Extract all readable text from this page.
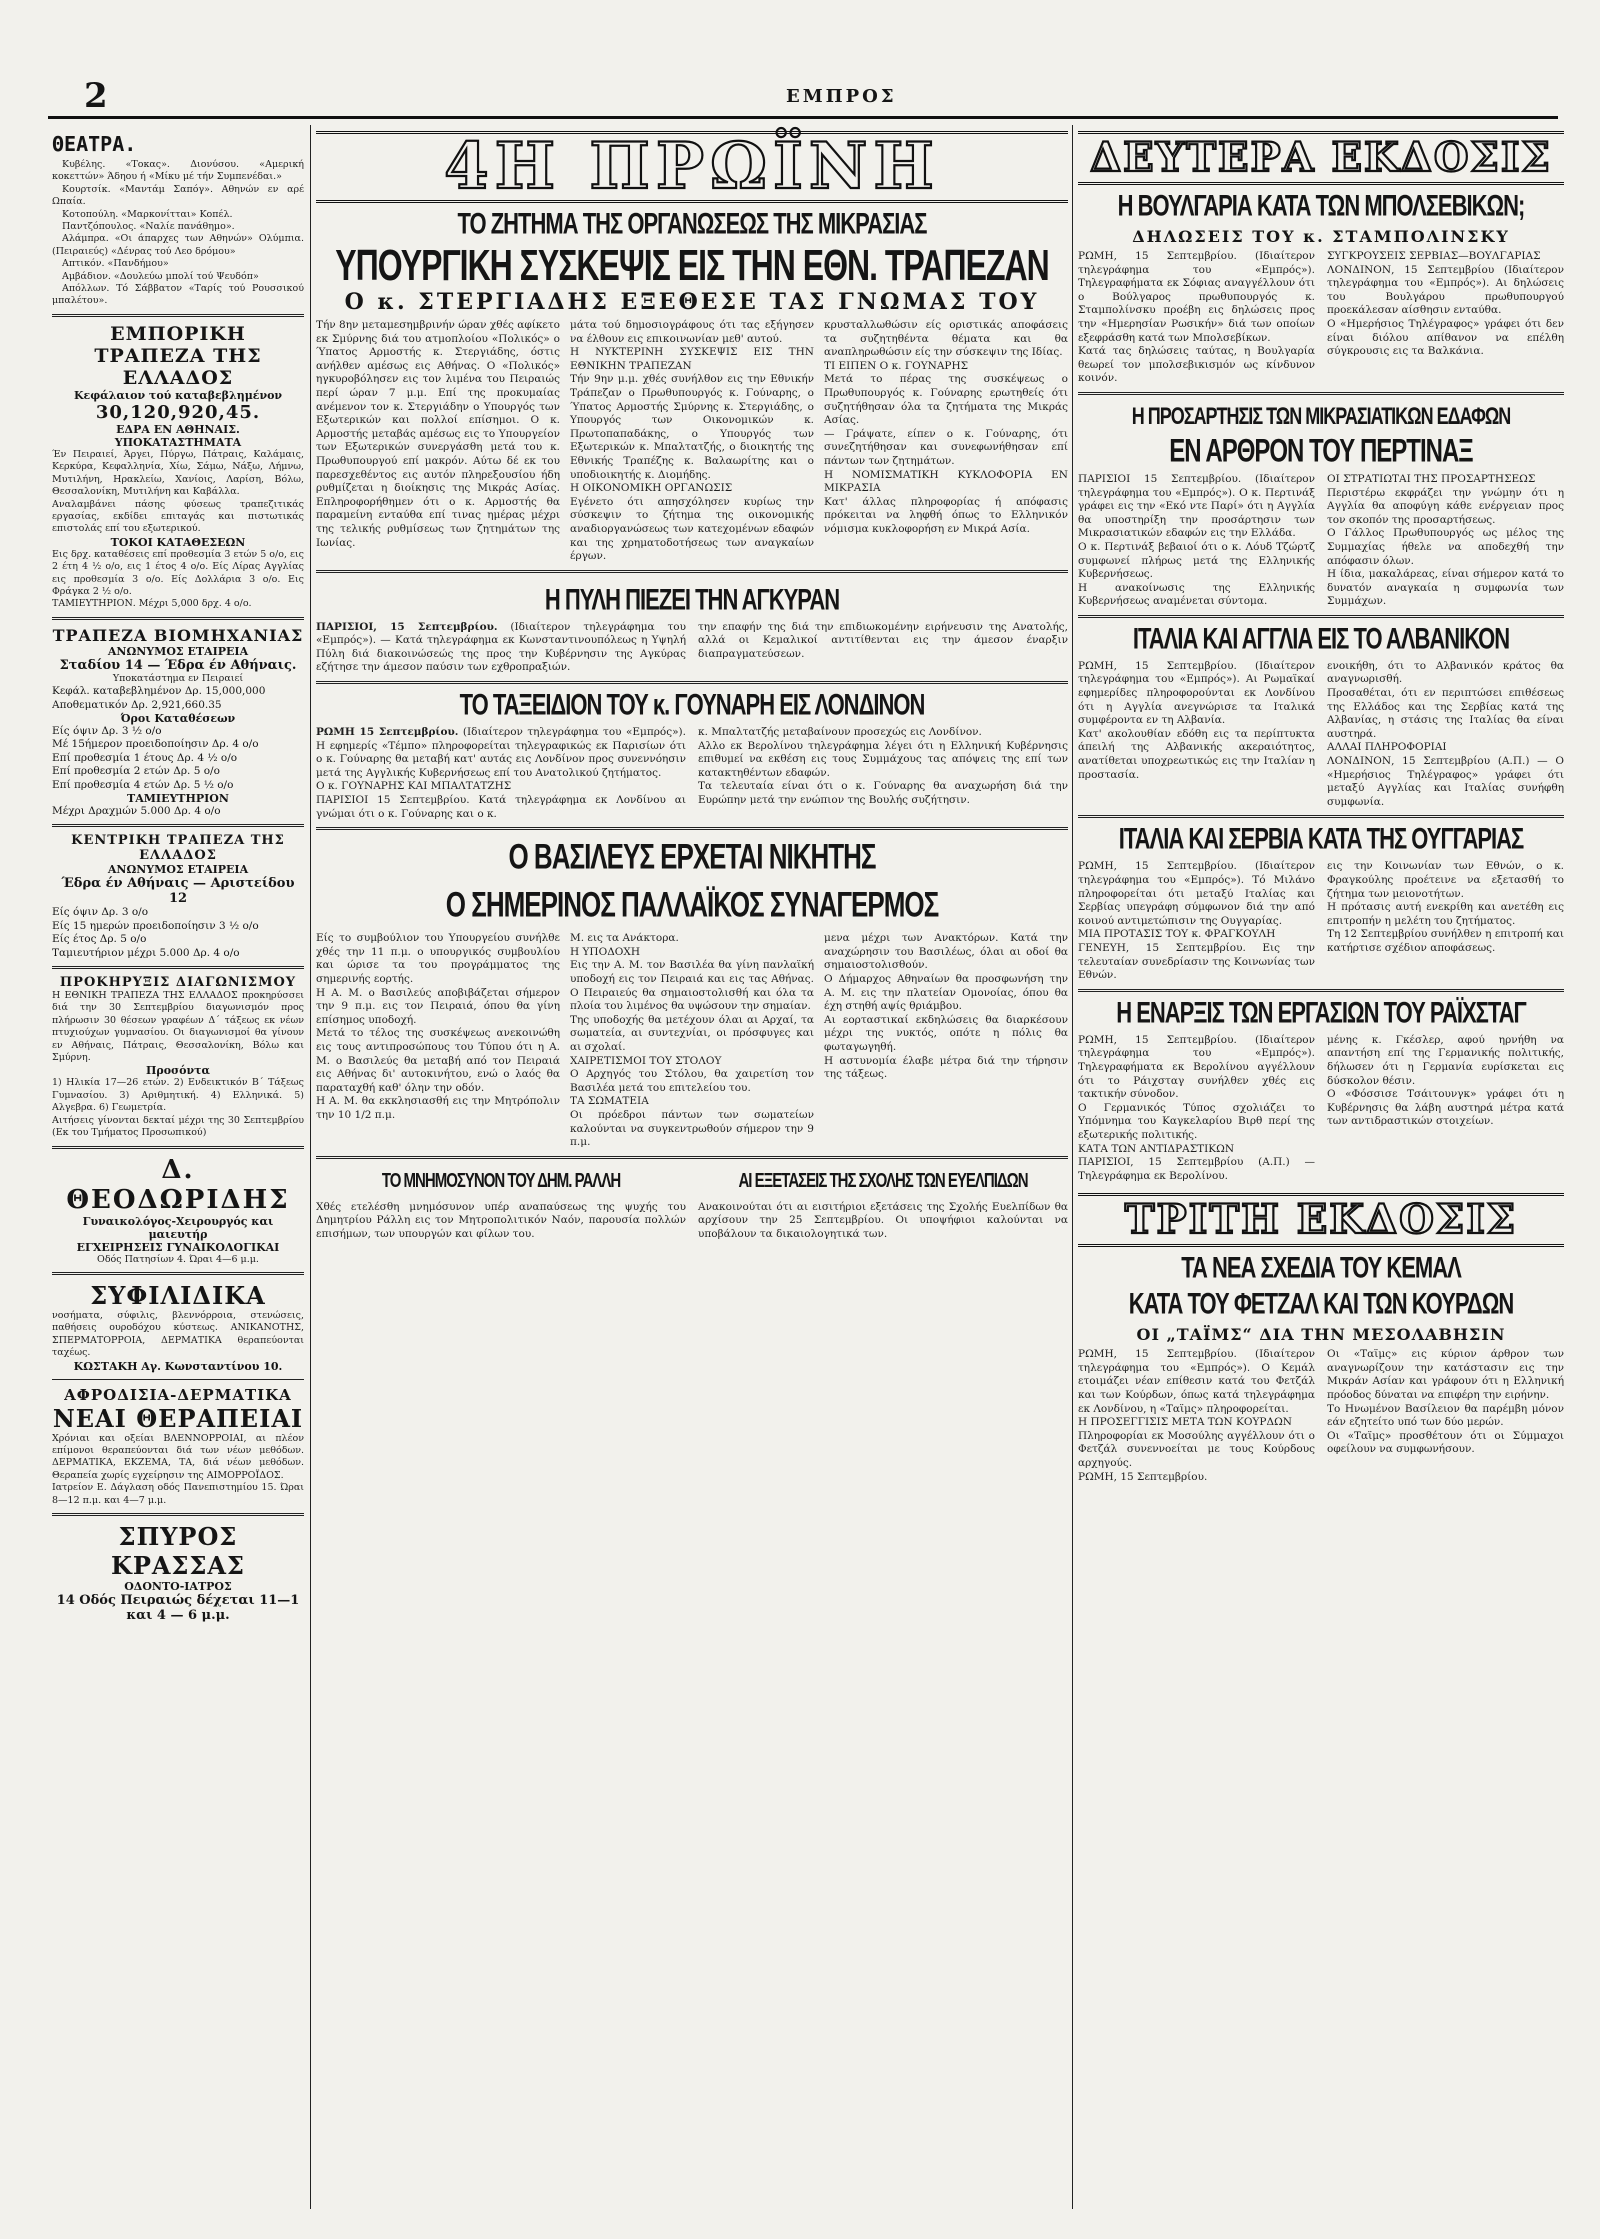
2	ΕΜΠΡΟΣ
ΘΕΑΤΡΑ.

Κυβέλης. «Τοκας». Διονύσου. «Αμερική κοκεττών» Άδηου ή «Μίκυ μέ τήν Συμπενέδαι.»

Κουρτσίκ. «Μαντάμ Σαπόγ». Αθηνών εν αρέ Ωπαία.

Κοτοπούλη. «Μαρκονίτται» Κοπέλ.

Παντζόπουλος. «Ναλίε πανάθημο».

Αλάμπρα. «Οι άπαρχες των Αθηνών» Ολύμπια. (Πειραιεύς) «Δένρας τού Λεο δρόμου»

Απτικόν. «Πανδήμου»

Αμβάδιον. «Δουλεύω μπολί τού Ψευδόπ»

Απόλλων. Τό Σάββατον «Ταρίς τού Ρουσσικού μπαλέτου».

ΕΜΠΟΡΙΚΗ ΤΡΑΠΕΖΑ ΤΗΣ ΕΛΛΑΔΟΣ
Κεφάλαιον τού καταβεβλημένον
30,120,920,45.
ΕΔΡΑ ΕΝ ΑΘΗΝΑΙΣ. ΥΠΟΚΑΤΑΣΤΗΜΑΤΑ
Έν Πειραιεί, Άργει, Πύργω, Πάτραις, Καλάμαις, Κερκύρα, Κεφαλληνία, Χίω, Σάμω, Νάξω, Λήμνω, Μυτιλήνη, Ηρακλείω, Χανίοις, Λαρίση, Βόλω, Θεσσαλονίκη, Μυτιλήνη και Καβάλλα.
Αναλαμβάνει πάσης φύσεως τραπεζιτικάς εργασίας, εκδίδει επιταγάς και πιστωτικάς επιστολάς επί του εξωτερικού.
ΤΟΚΟΙ ΚΑΤΑΘΕΣΕΩΝ
Εις δρχ. καταθέσεις επί προθεσμία 3 ετών 5 ο/ο, εις 2 έτη 4 ½ ο/ο, εις 1 έτος 4 ο/ο. Είς Λίρας Αγγλίας εις προθεσμία 3 ο/ο. Είς Δολλάρια 3 ο/ο. Εις Φράγκα 2 ½ ο/ο.
ΤΑΜΙΕΥΤΗΡΙΟΝ. Μέχρι 5,000 δρχ. 4 ο/ο.
ΤΡΑΠΕΖΑ ΒΙΟΜΗΧΑΝΙΑΣ
ΑΝΩΝΥΜΟΣ ΕΤΑΙΡΕΙΑ
Σταδίου 14 — Έδρα έν Αθήναις.
Υποκατάστημα εν Πειραιεί
Κεφάλ. καταβεβλημένον Δρ. 15,000,000
Αποθεματικόν Δρ. 2,921,660.35
Όροι Καταθέσεων
Είς όψιν Δρ. 3 ½ ο/ο
Μέ 15ήμερον προειδοποίησιν Δρ. 4 ο/ο
Επί προθεσμία 1 έτους Δρ. 4 ½ ο/ο
Επί προθεσμία 2 ετών Δρ. 5 ο/ο
Επί προθεσμία 4 ετών Δρ. 5 ½ ο/ο
ΤΑΜΙΕΥΤΗΡΙΟΝ
Μέχρι Δραχμών 5.000 Δρ. 4 ο/ο
ΚΕΝΤΡΙΚΗ ΤΡΑΠΕΖΑ ΤΗΣ ΕΛΛΑΔΟΣ
ΑΝΩΝΥΜΟΣ ΕΤΑΙΡΕΙΑ
Έδρα έν Αθήναις — Αριστείδου 12
Είς όψιν Δρ. 3 ο/ο
Είς 15 ημερών προειδοποίησιν 3 ½ ο/ο
Είς έτος Δρ. 5 ο/ο
Ταμιευτήριον μέχρι 5.000 Δρ. 4 ο/ο
ΠΡΟΚΗΡΥΞΙΣ ΔΙΑΓΩΝΙΣΜΟΥ
Η ΕΘΝΙΚΗ ΤΡΑΠΕΖΑ ΤΗΣ ΕΛΛΑΔΟΣ προκηρύσσει διά την 30 Σεπτεμβρίου διαγωνισμόν προς πλήρωσιν 30 θέσεων γραφέων Δ΄ τάξεως εκ νέων πτυχιούχων γυμνασίου. Οι διαγωνισμοί θα γίνουν εν Αθήναις, Πάτραις, Θεσσαλονίκη, Βόλω και Σμύρνη.
Προσόντα
1) Ηλικία 17—26 ετών. 2) Ενδεικτικόν Β΄ Τάξεως Γυμνασίου. 3) Αριθμητική. 4) Ελληνικά. 5) Αλγεβρα. 6) Γεωμετρία.
Αιτήσεις γίνονται δεκταί μέχρι της 30 Σεπτεμβρίου (Εκ του Τμήματος Προσωπικού)
Δ. ΘΕΟΔΩΡΙΔΗΣ
Γυναικολόγος-Χειρουργός και μαιευτήρ
ΕΓΧΕΙΡΗΣΕΙΣ ΓΥΝΑΙΚΟΛΟΓΙΚΑΙ
Οδός Πατησίων 4. Ώραι 4—6 μ.μ.
ΣΥΦΙΛΙΔΙΚΑ
νοσήματα, σύφιλις, βλεννόρροια, στενώσεις, παθήσεις ουροδόχου κύστεως. ΑΝΙΚΑΝΟΤΗΣ, ΣΠΕΡΜΑΤΟΡΡΟΙΑ, ΔΕΡΜΑΤΙΚΑ θεραπεύονται ταχέως.
ΚΩΣΤΑΚΗ Αγ. Κωνσταντίνου 10.
ΑΦΡΟΔΙΣΙΑ-ΔΕΡΜΑΤΙΚΑ
ΝΕΑΙ ΘΕΡΑΠΕΙΑΙ
Χρόνιαι και οξείαι ΒΛΕΝΝΟΡΡΟΙΑΙ, αι πλέον επίμονοι θεραπεύονται διά των νέων μεθόδων. ΔΕΡΜΑΤΙΚΑ, ΕΚΖΕΜΑ, ΤΑ, διά νέων μεθόδων. Θεραπεία χωρίς εγχείρησιν της ΑΙΜΟΡΡΟΪΔΟΣ.
Ιατρείον Ε. Δάγλαση οδός Πανεπιστημίου 15. Ώραι 8—12 π.μ. και 4—7 μ.μ.
ΣΠΥΡΟΣ ΚΡΑΣΣΑΣ
ΟΔΟΝΤΟ-ΙΑΤΡΟΣ
14 Οδός Πειραιώς δέχεται 11—1 και 4 — 6 μ.μ.
4Η ΠΡΩΪΝΗ
ΤΟ ΖΗΤΗΜΑ ΤΗΣ ΟΡΓΑΝΩΣΕΩΣ ΤΗΣ ΜΙΚΡΑΣΙΑΣ
ΥΠΟΥΡΓΙΚΗ ΣΥΣΚΕΨΙΣ ΕΙΣ ΤΗΝ ΕΘΝ. ΤΡΑΠΕΖΑΝ
Ο κ. ΣΤΕΡΓΙΑΔΗΣ ΕΞΕΘΕΣΕ ΤΑΣ ΓΝΩΜΑΣ ΤΟΥ
Τήν 8ην μεταμεσημβρινήν ώραν χθές αφίκετο εκ Σμύρνης διά του ατμοπλοίου «Πολικός» ο Ύπατος Αρμοστής κ. Στεργιάδης, όστις ανήλθεν αμέσως εις Αθήνας. Ο «Πολικός» ηγκυροβόλησεν εις τον λιμένα του Πειραιώς περί ώραν 7 μ.μ. Επί της προκυμαίας ανέμενον τον κ. Στεργιάδην ο Υπουργός των Εξωτερικών και πολλοί επίσημοι. Ο κ. Αρμοστής μεταβάς αμέσως εις το Υπουργείον των Εξωτερικών συνεργάσθη μετά του κ. Πρωθυπουργού επί μακρόν. Αύτω δέ εκ του παρεσχεθέντος εις αυτόν πληρεξουσίου ήδη ρυθμίζεται η διοίκησις της Μικράς Ασίας. Επληροφορήθημεν ότι ο κ. Αρμοστής θα παραμείνη ενταύθα επί τινας ημέρας μέχρι της τελικής ρυθμίσεως των ζητημάτων της Ιωνίας.
μάτα τού δημοσιογράφους ότι τας εξήγησεν να έλθουν εις επικοινωνίαν μεθ' αυτού.
Η ΝΥΚΤΕΡΙΝΗ ΣΥΣΚΕΨΙΣ ΕΙΣ ΤΗΝ ΕΘΝΙΚΗΝ ΤΡΑΠΕΖΑΝ
Τήν 9ην μ.μ. χθές συνήλθον εις την Εθνικήν Τράπεζαν ο Πρωθυπουργός κ. Γούναρης, ο Ύπατος Αρμοστής Σμύρνης κ. Στεργιάδης, ο Υπουργός των Οικονομικών κ. Πρωτοπαπαδάκης, ο Υπουργός των Εξωτερικών κ. Μπαλτατζής, ο διοικητής της Εθνικής Τραπέζης κ. Βαλαωρίτης και ο υποδιοικητής κ. Διομήδης.
Η ΟΙΚΟΝΟΜΙΚΗ ΟΡΓΑΝΩΣΙΣ
Εγένετο ότι απησχόλησεν κυρίως την σύσκεψιν το ζήτημα της οικονομικής αναδιοργανώσεως των κατεχομένων εδαφών και της χρηματοδοτήσεως των αναγκαίων έργων.
κρυσταλλωθώσιν είς οριστικάς αποφάσεις τα συζητηθέντα θέματα και θα αναπληρωθώσιν είς την σύσκεψιν της Ιδίας.
ΤΙ ΕΙΠΕΝ Ο κ. ΓΟΥΝΑΡΗΣ
Μετά το πέρας της συσκέψεως ο Πρωθυπουργός κ. Γούναρης ερωτηθείς ότι συζητήθησαν όλα τα ζητήματα της Μικράς Ασίας.
— Γράψατε, είπεν ο κ. Γούναρης, ότι συνεζητήθησαν και συνεφωνήθησαν επί πάντων των ζητημάτων.
Η ΝΟΜΙΣΜΑΤΙΚΗ ΚΥΚΛΟΦΟΡΙΑ ΕΝ ΜΙΚΡΑΣΙΑ
Κατ' άλλας πληροφορίας ή απόφασις πρόκειται να ληφθή όπως το Ελληνικόν νόμισμα κυκλοφορήση εν Μικρά Ασία.
Η ΠΥΛΗ ΠΙΕΖΕΙ ΤΗΝ ΑΓΚΥΡΑΝ
ΠΑΡΙΣΙΟΙ, 15 Σεπτεμβρίου. (Ιδιαίτερον τηλεγράφημα του «Εμπρός»). — Κατά τηλεγράφημα εκ Κωνσταντινουπόλεως η Υψηλή Πύλη διά διακοινώσεώς της προς την Κυβέρνησιν της Αγκύρας εζήτησε την άμεσον παύσιν των εχθροπραξιών.
την επαφήν της διά την επιδιωκομένην ειρήνευσιν της Ανατολής, αλλά οι Κεμαλικοί αντιτίθενται εις την άμεσον έναρξιν διαπραγματεύσεων.
ΤΟ ΤΑΞΕΙΔΙΟΝ ΤΟΥ κ. ΓΟΥΝΑΡΗ ΕΙΣ ΛΟΝΔΙΝΟΝ
ΡΩΜΗ 15 Σεπτεμβρίου. (Ιδιαίτερον τηλεγράφημα του «Εμπρός»). Η εφημερίς «Τέμπο» πληροφορείται τηλεγραφικώς εκ Παρισίων ότι ο κ. Γούναρης θα μεταβή κατ' αυτάς εις Λονδίνον προς συνεννόησιν μετά της Αγγλικής Κυβερνήσεως επί του Ανατολικού ζητήματος.
Ο κ. ΓΟΥΝΑΡΗΣ ΚΑΙ ΜΠΑΛΤΑΤΖΗΣ
ΠΑΡΙΣΙΟΙ 15 Σεπτεμβρίου. Κατά τηλεγράφημα εκ Λονδίνου αι γνώμαι ότι ο κ. Γούναρης και ο κ.
κ. Μπαλτατζής μεταβαίνουν προσεχώς εις Λονδίνον.
Αλλο εκ Βερολίνου τηλεγράφημα λέγει ότι η Ελληνική Κυβέρνησις επιθυμεί να εκθέση εις τους Συμμάχους τας απόψεις της επί των κατακτηθέντων εδαφών.
Τα τελευταία είναι ότι ο κ. Γούναρης θα αναχωρήση διά την Ευρώπην μετά την ενώπιον της Βουλής συζήτησιν.
Ο ΒΑΣΙΛΕΥΣ ΕΡΧΕΤΑΙ ΝΙΚΗΤΗΣ
Ο ΣΗΜΕΡΙΝΟΣ ΠΑΛΛΑΪΚΟΣ ΣΥΝΑΓΕΡΜΟΣ
Είς το συμβούλιον του Υπουργείου συνήλθε χθές την 11 π.μ. ο υπουργικός συμβουλίου και ώρισε τα του προγράμματος της σημερινής εορτής.
Η Α. Μ. ο Βασιλεύς αποβιβάζεται σήμερον την 9 π.μ. εις τον Πειραιά, όπου θα γίνη επίσημος υποδοχή.
Μετά το τέλος της συσκέψεως ανεκοινώθη εις τους αντιπροσώπους του Τύπου ότι η Α. Μ. ο Βασιλεύς θα μεταβή από τον Πειραιά εις Αθήνας δι' αυτοκινήτου, ενώ ο λαός θα παραταχθή καθ' όλην την οδόν.
Η Α. Μ. θα εκκλησιασθή εις την Μητρόπολιν την 10 1/2 π.μ.
Μ. εις τα Ανάκτορα.
Η ΥΠΟΔΟΧΗ
Εις την Α. Μ. τον Βασιλέα θα γίνη πανλαϊκή υποδοχή εις τον Πειραιά και εις τας Αθήνας. Ο Πειραιεύς θα σημαιοστολισθή και όλα τα πλοία του λιμένος θα υψώσουν την σημαίαν.
Της υποδοχής θα μετέχουν όλαι αι Αρχαί, τα σωματεία, αι συντεχνίαι, οι πρόσφυγες και αι σχολαί.
ΧΑΙΡΕΤΙΣΜΟΙ ΤΟΥ ΣΤΟΛΟΥ
Ο Αρχηγός του Στόλου, θα χαιρετίση τον Βασιλέα μετά του επιτελείου του.
ΤΑ ΣΩΜΑΤΕΙΑ
Οι πρόεδροι πάντων των σωματείων καλούνται να συγκεντρωθούν σήμερον την 9 π.μ.
μενα μέχρι των Ανακτόρων. Κατά την αναχώρησιν του Βασιλέως, όλαι αι οδοί θα σημαιοστολισθούν.
Ο Δήμαρχος Αθηναίων θα προσφωνήση την Α. Μ. εις την πλατείαν Ομονοίας, όπου θα έχη στηθή αψίς θριάμβου.
Αι εορταστικαί εκδηλώσεις θα διαρκέσουν μέχρι της νυκτός, οπότε η πόλις θα φωταγωγηθή.
Η αστυνομία έλαβε μέτρα διά την τήρησιν της τάξεως.
ΤΟ ΜΝΗΜΟΣΥΝΟΝ ΤΟΥ ΔΗΜ. ΡΑΛΛΗ
Χθές ετελέσθη μνημόσυνον υπέρ αναπαύσεως της ψυχής του Δημητρίου Ράλλη εις τον Μητροπολιτικόν Ναόν, παρουσία πολλών επισήμων, των υπουργών και φίλων του.
ΑΙ ΕΞΕΤΑΣΕΙΣ ΤΗΣ ΣΧΟΛΗΣ ΤΩΝ ΕΥΕΛΠΙΔΩΝ
Ανακοινούται ότι αι εισιτήριοι εξετάσεις της Σχολής Ευελπίδων θα αρχίσουν την 25 Σεπτεμβρίου. Οι υποψήφιοι καλούνται να υποβάλουν τα δικαιολογητικά των.
ΔΕΥΤΕΡΑ ΕΚΔΟΣΙΣ
Η ΒΟΥΛΓΑΡΙΑ ΚΑΤΑ ΤΩΝ ΜΠΟΛΣΕΒΙΚΩΝ;
ΔΗΛΩΣΕΙΣ ΤΟΥ κ. ΣΤΑΜΠΟΛΙΝΣΚΥ
ΡΩΜΗ, 15 Σεπτεμβρίου. (Ιδιαίτερον τηλεγράφημα του «Εμπρός»). Τηλεγραφήματα εκ Σόφιας αναγγέλλουν ότι ο Βούλγαρος πρωθυπουργός κ. Σταμπολίνσκυ προέβη εις δηλώσεις προς την «Ημερησίαν Ρωσικήν» διά των οποίων εξεφράσθη κατά των Μπολσεβίκων.
Κατά τας δηλώσεις ταύτας, η Βουλγαρία θεωρεί τον μπολσεβικισμόν ως κίνδυνον κοινόν.
ΣΥΓΚΡΟΥΣΕΙΣ ΣΕΡΒΙΑΣ—ΒΟΥΛΓΑΡΙΑΣ
ΛΟΝΔΙΝΟΝ, 15 Σεπτεμβρίου (Ιδιαίτερον τηλεγράφημα του «Εμπρός»). Αι δηλώσεις του Βουλγάρου πρωθυπουργού προεκάλεσαν αίσθησιν ενταύθα.
Ο «Ημερήσιος Τηλέγραφος» γράφει ότι δεν είναι διόλου απίθανον να επέλθη σύγκρουσις εις τα Βαλκάνια.
Η ΠΡΟΣΑΡΤΗΣΙΣ ΤΩΝ ΜΙΚΡΑΣΙΑΤΙΚΩΝ ΕΔΑΦΩΝ
ΕΝ ΑΡΘΡΟΝ ΤΟΥ ΠΕΡΤΙΝΑΞ
ΠΑΡΙΣΙΟΙ 15 Σεπτεμβρίου. (Ιδιαίτερον τηλεγράφημα του «Εμπρός»). Ο κ. Περτινάξ γράφει εις την «Εκό ντε Παρί» ότι η Αγγλία θα υποστηρίξη την προσάρτησιν των Μικρασιατικών εδαφών εις την Ελλάδα.
Ο κ. Περτινάξ βεβαιοί ότι ο κ. Λόυδ Τζώρτζ συμφωνεί πλήρως μετά της Ελληνικής Κυβερνήσεως.
Η ανακοίνωσις της Ελληνικής Κυβερνήσεως αναμένεται σύντομα.
ΟΙ ΣΤΡΑΤΙΩΤΑΙ ΤΗΣ ΠΡΟΣΑΡΤΗΣΕΩΣ
Περιστέρω εκφράζει την γνώμην ότι η Αγγλία θα αποφύγη κάθε ενέργειαν προς τον σκοπόν της προσαρτήσεως.
Ο Γάλλος Πρωθυπουργός ως μέλος της Συμμαχίας ήθελε να αποδεχθή την απόφασιν όλων.
Η ίδια, μακαλάρεας, είναι σήμερον κατά το δυνατόν αναγκαία η συμφωνία των Συμμάχων.
ΙΤΑΛΙΑ ΚΑΙ ΑΓΓΛΙΑ ΕΙΣ ΤΟ ΑΛΒΑΝΙΚΟΝ
ΡΩΜΗ, 15 Σεπτεμβρίου. (Ιδιαίτερον τηλεγράφημα του «Εμπρός»). Αι Ρωμαϊκαί εφημερίδες πληροφορούνται εκ Λονδίνου ότι η Αγγλία ανεγνώρισε τα Ιταλικά συμφέροντα εν τη Αλβανία.
Κατ' ακολουθίαν εδόθη εις τα περίπτυκτα άπειλή της Αλβανικής ακεραιότητος, ανατίθεται υποχρεωτικώς εις την Ιταλίαν η προστασία.
ενοικήθη, ότι το Αλβανικόν κράτος θα αναγνωρισθή.
Προσαθέται, ότι εν περιπτώσει επιθέσεως της Ελλάδος και της Σερβίας κατά της Αλβανίας, η στάσις της Ιταλίας θα είναι αυστηρά.
ΑΛΛΑΙ ΠΛΗΡΟΦΟΡΙΑΙ
ΛΟΝΔΙΝΟΝ, 15 Σεπτεμβρίου (Α.Π.) — Ο «Ημερήσιος Τηλέγραφος» γράφει ότι μεταξύ Αγγλίας και Ιταλίας συνήφθη συμφωνία.
ΙΤΑΛΙΑ ΚΑΙ ΣΕΡΒΙΑ ΚΑΤΑ ΤΗΣ ΟΥΓΓΑΡΙΑΣ
ΡΩΜΗ, 15 Σεπτεμβρίου. (Ιδιαίτερον τηλεγράφημα του «Εμπρός»). Τό Μιλάνο πληροφορείται ότι μεταξύ Ιταλίας και Σερβίας υπεγράφη σύμφωνον διά την από κοινού αντιμετώπισιν της Ουγγαρίας.
ΜΙΑ ΠΡΟΤΑΣΙΣ ΤΟΥ κ. ΦΡΑΓΚΟΥΛΗ
ΓΕΝΕΥΗ, 15 Σεπτεμβρίου. Εις την τελευταίαν συνεδρίασιν της Κοινωνίας των Εθνών.
εις την Κοινωνίαν των Εθνών, ο κ. Φραγκούλης προέτεινε να εξετασθή το ζήτημα των μειονοτήτων.
Η πρότασις αυτή ενεκρίθη και ανετέθη εις επιτροπήν η μελέτη του ζητήματος.
Τη 12 Σεπτεμβρίου συνήλθεν η επιτροπή και κατήρτισε σχέδιον αποφάσεως.
Η ΕΝΑΡΞΙΣ ΤΩΝ ΕΡΓΑΣΙΩΝ ΤΟΥ ΡΑΪΧΣΤΑΓ
ΡΩΜΗ, 15 Σεπτεμβρίου. (Ιδιαίτερον τηλεγράφημα του «Εμπρός»). Τηλεγραφήματα εκ Βερολίνου αγγέλλουν ότι το Ράιχσταγ συνήλθεν χθές εις τακτικήν σύνοδον.
Ο Γερμανικός Τύπος σχολιάζει το Υπόμνημα του Καγκελαρίου Βιρθ περί της εξωτερικής πολιτικής.
ΚΑΤΑ ΤΩΝ ΑΝΤΙΔΡΑΣΤΙΚΩΝ
ΠΑΡΙΣΙΟΙ, 15 Σεπτεμβρίου (Α.Π.) — Τηλεγράφημα εκ Βερολίνου.
μένης κ. Γκέσλερ, αφού ηρνήθη να απαντήση επί της Γερμανικής πολιτικής, δήλωσεν ότι η Γερμανία ευρίσκεται εις δύσκολον θέσιν.
Ο «Φόσσισε Τσάιτουνγκ» γράφει ότι η Κυβέρνησις θα λάβη αυστηρά μέτρα κατά των αντιδραστικών στοιχείων.
ΤΡΙΤΗ ΕΚΔΟΣΙΣ
ΤΑ ΝΕΑ ΣΧΕΔΙΑ ΤΟΥ ΚΕΜΑΛ
ΚΑΤΑ ΤΟΥ ΦΕΤΖΑΛ ΚΑΙ ΤΩΝ ΚΟΥΡΔΩΝ
ΟΙ „ΤΑΪΜΣ“ ΔΙΑ ΤΗΝ ΜΕΣΟΛΑΒΗΣΙΝ
ΡΩΜΗ, 15 Σεπτεμβρίου. (Ιδιαίτερον τηλεγράφημα του «Εμπρός»). Ο Κεμάλ ετοιμάζει νέαν επίθεσιν κατά του Φετζάλ και των Κούρδων, όπως κατά τηλεγράφημα εκ Λονδίνου, η «Ταϊμς» πληροφορείται.
Η ΠΡΟΣΕΓΓΙΣΙΣ ΜΕΤΑ ΤΩΝ ΚΟΥΡΔΩΝ
Πληροφορίαι εκ Μοσούλης αγγέλλουν ότι ο Φετζάλ συνεννοείται με τους Κούρδους αρχηγούς.
ΡΩΜΗ, 15 Σεπτεμβρίου.
Οι «Ταϊμς» εις κύριον άρθρον των αναγνωρίζουν την κατάστασιν εις την Μικράν Ασίαν και γράφουν ότι η Ελληνική πρόοδος δύναται να επιφέρη την ειρήνην.
Το Ηνωμένον Βασίλειον θα παρέμβη μόνον εάν εζητείτο υπό των δύο μερών.
Οι «Ταϊμς» προσθέτουν ότι οι Σύμμαχοι οφείλουν να συμφωνήσουν.
